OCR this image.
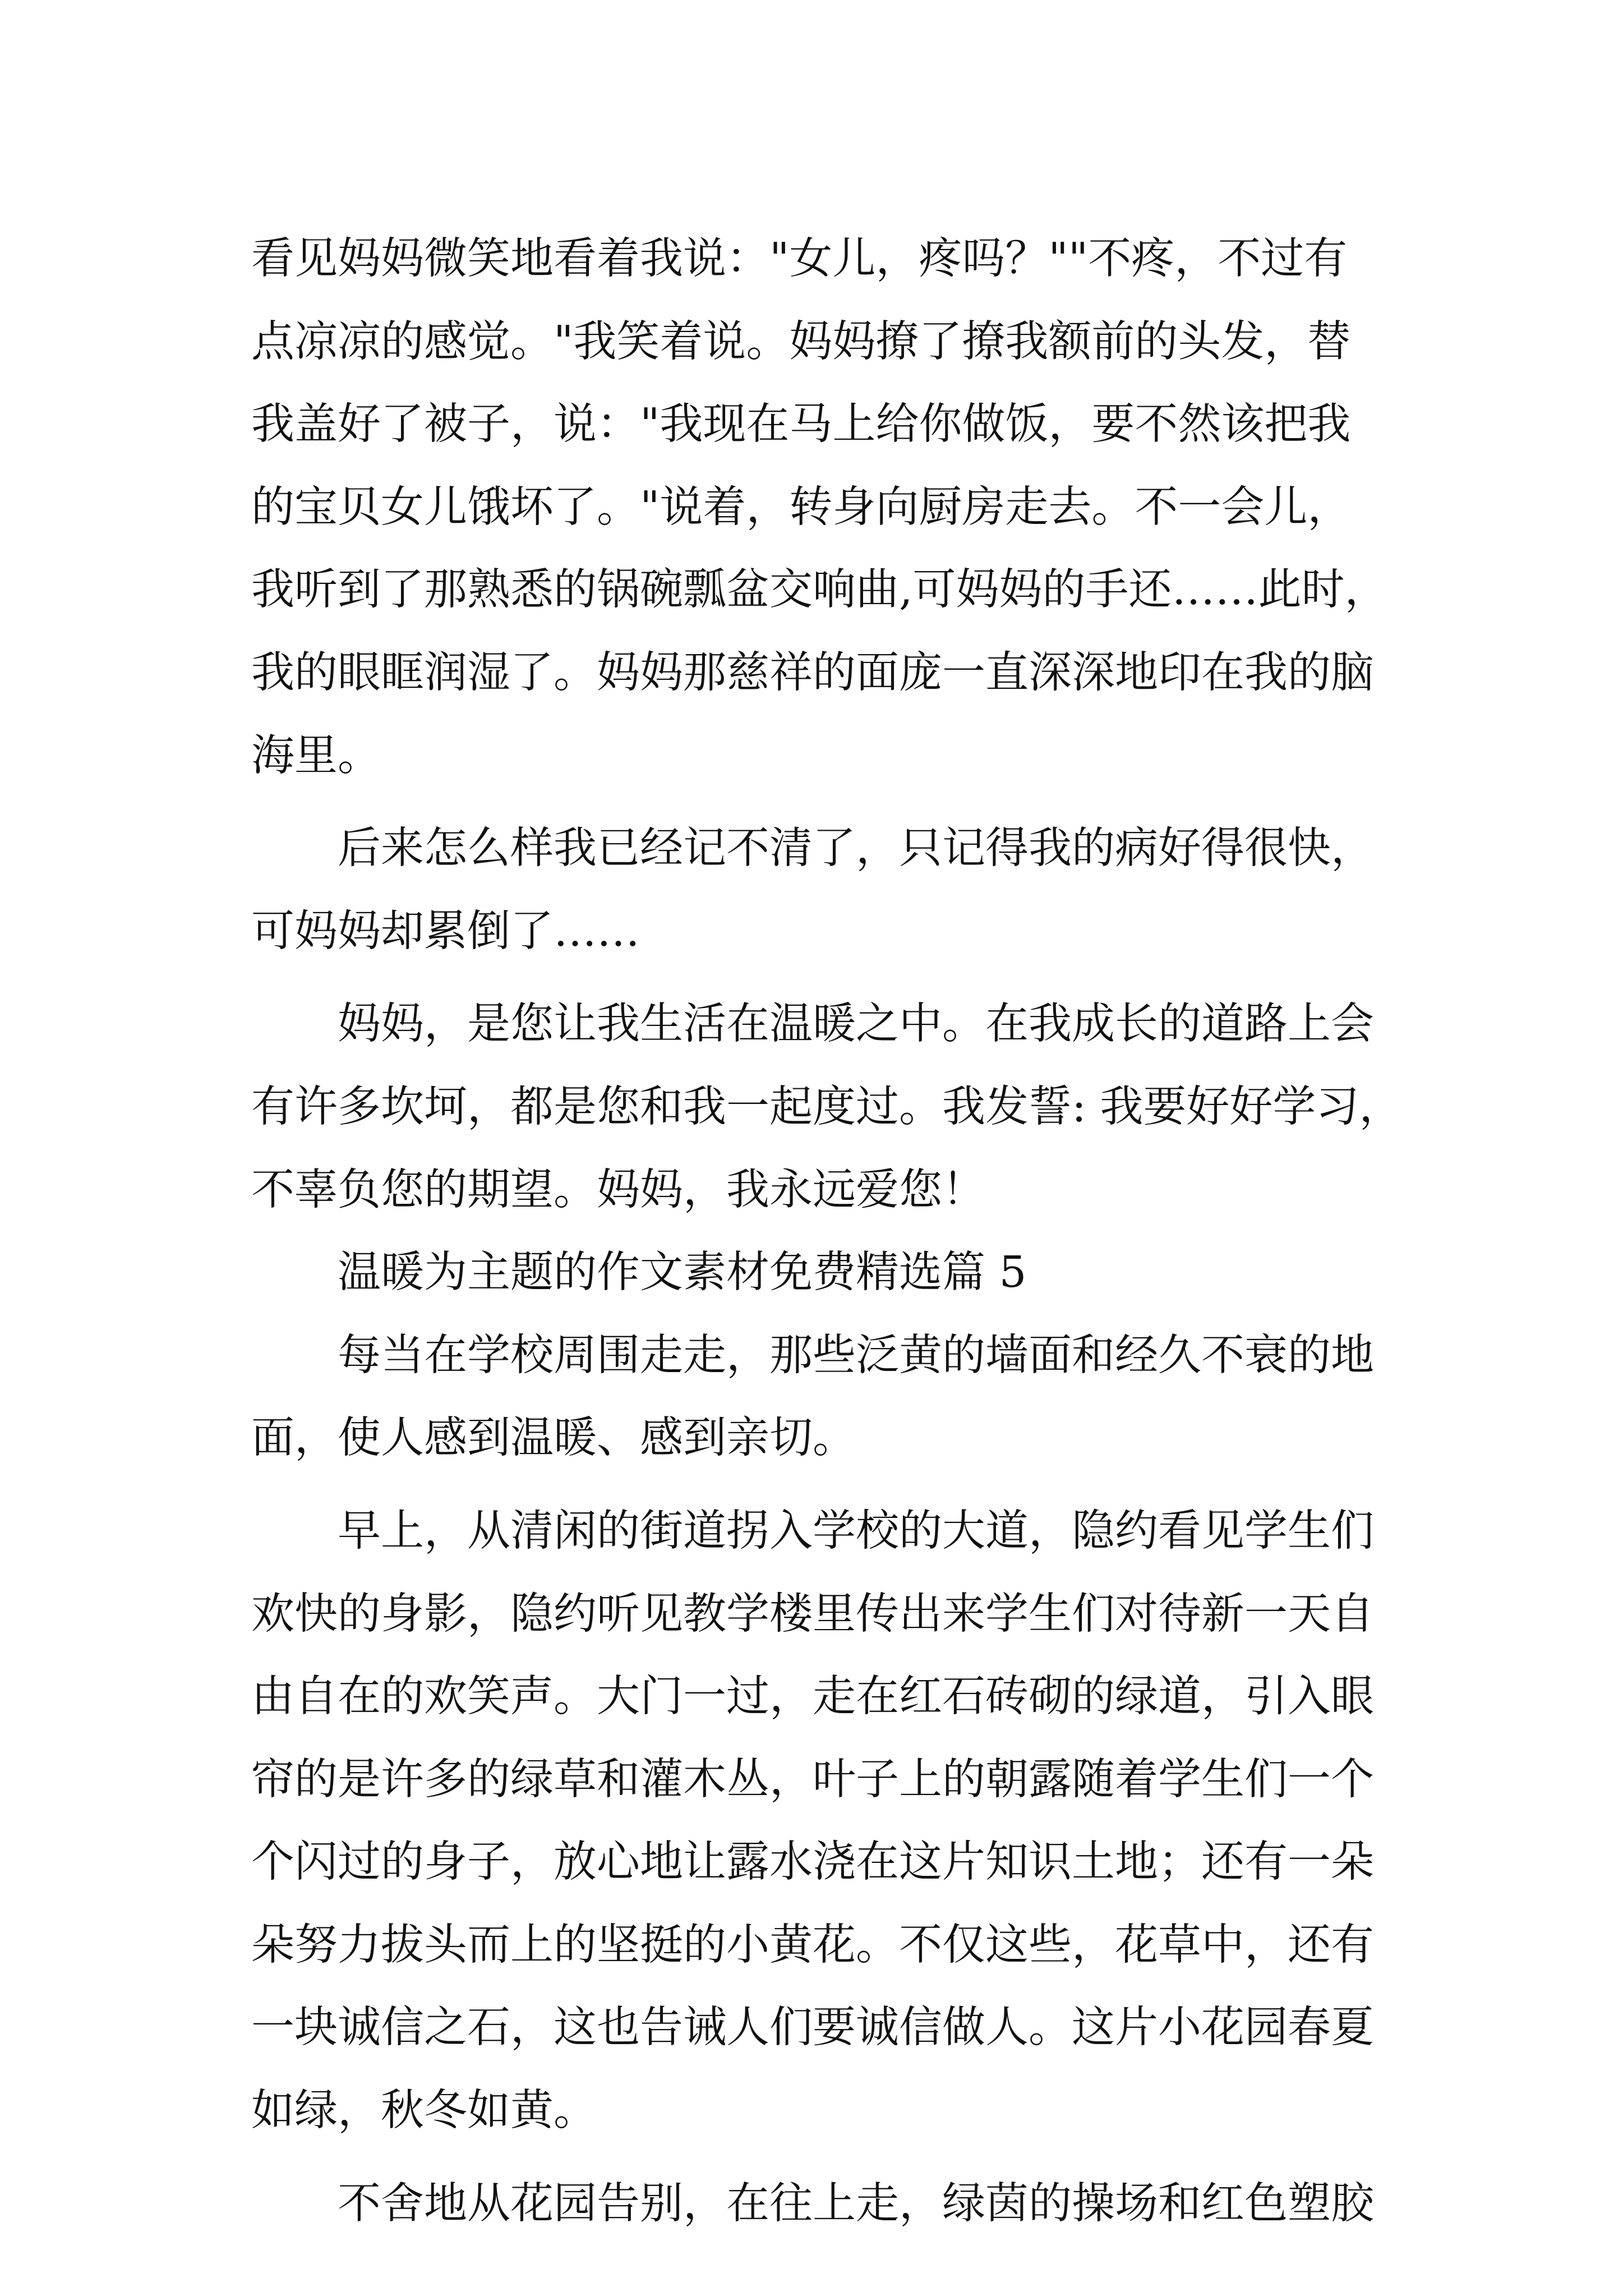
看见妈妈微笑地看着我说："女儿，疼吗？""不疼，不过有
点凉凉的感觉。"我笑着说。妈妈撩了撩我额前的头发，替
我盖好了被子，说："我现在马上给你做饭，要不然该把我
的宝贝女儿饿坏了。"说着，转身向厨房走去。不一会儿，
我听到了那熟悉的锅碗瓢盆交响曲,可妈妈的手还……此时，
我的眼眶润湿了。妈妈那慈祥的面庞一直深深地印在我的脑
海里。
后来怎么样我已经记不清了，只记得我的病好得很快，
可妈妈却累倒了……
妈妈，是您让我生活在温暖之中。在我成长的道路上会
有许多坎坷，都是您和我一起度过。我发誓: 我要好好学习，
不辜负您的期望。妈妈，我永远爱您！
温暖为主题的作文素材免费精选篇 5
每当在学校周围走走，那些泛黄的墙面和经久不衰的地
面，使人感到温暖、感到亲切。
早上，从清闲的街道拐入学校的大道，隐约看见学生们
欢快的身影，隐约听见教学楼里传出来学生们对待新一天自
由自在的欢笑声。大门一过，走在红石砖砌的绿道，引入眼
帘的是许多的绿草和灌木丛，叶子上的朝露随着学生们一个
个闪过的身子，放心地让露水浇在这片知识土地；还有一朵
朵努力拔头而上的坚挺的小黄花。不仅这些，花草中，还有
一块诚信之石，这也告诫人们要诚信做人。这片小花园春夏
如绿，秋冬如黄。
不舍地从花园告别，在往上走，绿茵的操场和红色塑胶
